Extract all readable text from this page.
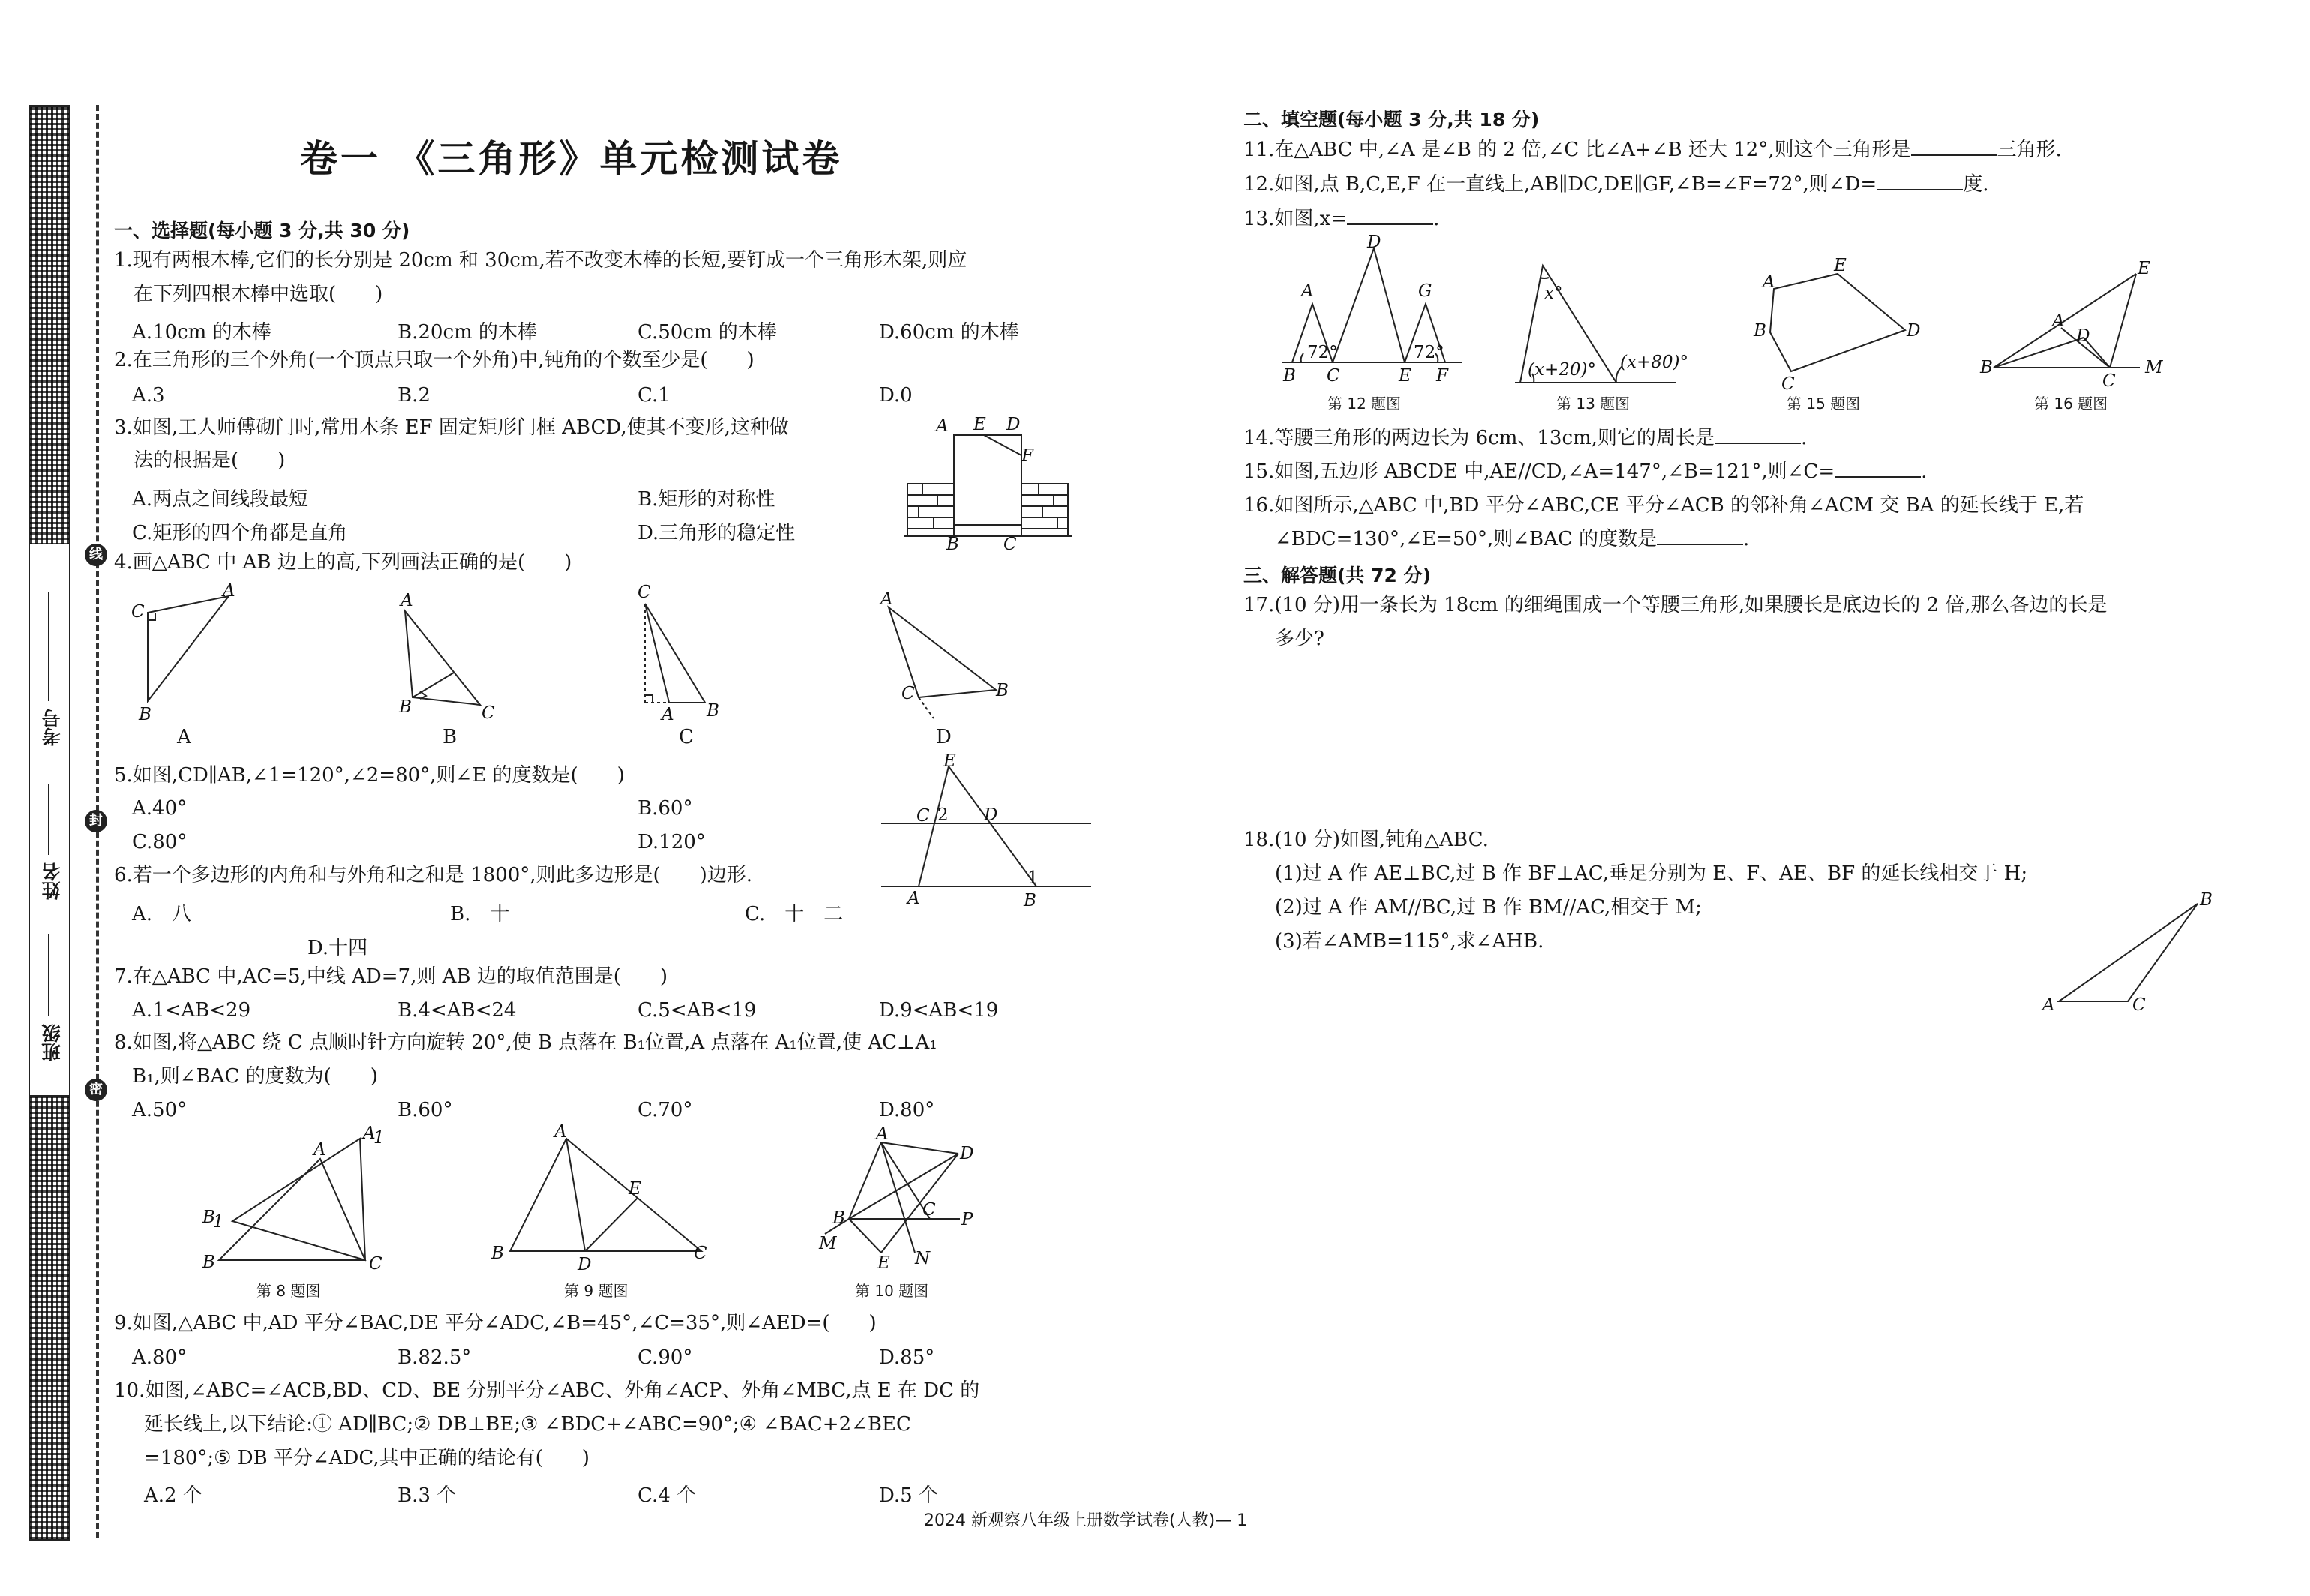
线
考号
封
姓名
班级
密
卷一 《三角形》单元检测试卷
一、选择题(每小题 3 分,共 30 分)
1.现有两根木棒,它们的长分别是 20cm 和 30cm,若不改变木棒的长短,要钉成一个三角形木架,则应
在下列四根木棒中选取(　　)
A.10cm 的木棒	B.20cm 的木棒	C.50cm 的木棒	D.60cm 的木棒
2.在三角形的三个外角(一个顶点只取一个外角)中,钝角的个数至少是(　　)
A.3	B.2	C.1	D.0
3.如图,工人师傅砌门时,常用木条 EF 固定矩形门框 ABCD,使其不变形,这种做
法的根据是(　　)
A.两点之间线段最短	B.矩形的对称性
C.矩形的四个角都是直角	D.三角形的稳定性
A E D
F
B	C
4.画△ABC 中 AB 边上的高,下列画法正确的是(　　)
C
A
B
A
A
B	C
B
C
A B
C
A
C	B
D
5.如图,CD∥AB,∠1=120°,∠2=80°,则∠E 的度数是(　　)
A.40°	B.60°
C.80°	D.120°
E
C 2 D
A	B
1
6.若一个多边形的内角和与外角和之和是 1800°,则此多边形是(　　)边形.
A.　八	B.　十	C.　十　二
D.十四
7.在△ABC 中,AC=5,中线 AD=7,则 AB 边的取值范围是(　　)
A.1<AB<29	B.4<AB<24	C.5<AB<19	D.9<AB<19
8.如图,将△ABC 绕 C 点顺时针方向旋转 20°,使 B 点落在 B₁位置,A 点落在 A₁位置,使 AC⊥A₁
B₁,则∠BAC 的度数为(　　)
A.50°	B.60°	C.70°	D.80°
A
A
1
B
1
B	C
第 8 题图
A
B
D
E
C
第 9 题图
A
D
B	C P
M
E N
第 10 题图
9.如图,△ABC 中,AD 平分∠BAC,DE 平分∠ADC,∠B=45°,∠C=35°,则∠AED=(　　)
A.80°	B.82.5°	C.90°	D.85°
10.如图,∠ABC=∠ACB,BD、CD、BE 分别平分∠ABC、外角∠ACP、外角∠MBC,点 E 在 DC 的
延长线上,以下结论:① AD∥BC;② DB⊥BE;③ ∠BDC+∠ABC=90°;④ ∠BAC+2∠BEC
=180°;⑤ DB 平分∠ADC,其中正确的结论有(　　)
A.2 个	B.3 个	C.4 个	D.5 个
二、填空题(每小题 3 分,共 18 分)
11.在△ABC 中,∠A 是∠B 的 2 倍,∠C 比∠A+∠B 还大 12°,则这个三角形是	三角形.
12.如图,点 B,C,E,F 在一直线上,AB∥DC,DE∥GF,∠B=∠F=72°,则∠D=	度.
13.如图,x=	.
A
D
G
72°	72°
B C	E F
第 12 题图
x°
(x+20)° (x+80)°
第 13 题图
A
E
B	D
C
第 15 题图
E
A
D
B
C
M
第 16 题图
14.等腰三角形的两边长为 6cm、13cm,则它的周长是	.
15.如图,五边形 ABCDE 中,AE//CD,∠A=147°,∠B=121°,则∠C=	.
16.如图所示,△ABC 中,BD 平分∠ABC,CE 平分∠ACB 的邻补角∠ACM 交 BA 的延长线于 E,若
∠BDC=130°,∠E=50°,则∠BAC 的度数是	.
三、解答题(共 72 分)
17.(10 分)用一条长为 18cm 的细绳围成一个等腰三角形,如果腰长是底边长的 2 倍,那么各边的长是
多少?
18.(10 分)如图,钝角△ABC.
(1)过 A 作 AE⊥BC,过 B 作 BF⊥AC,垂足分别为 E、F、AE、BF 的延长线相交于 H;
(2)过 A 作 AM//BC,过 B 作 BM//AC,相交于 M;
(3)若∠AMB=115°,求∠AHB.
A	C
B
2024 新观察八年级上册数学试卷(人教)— 1
